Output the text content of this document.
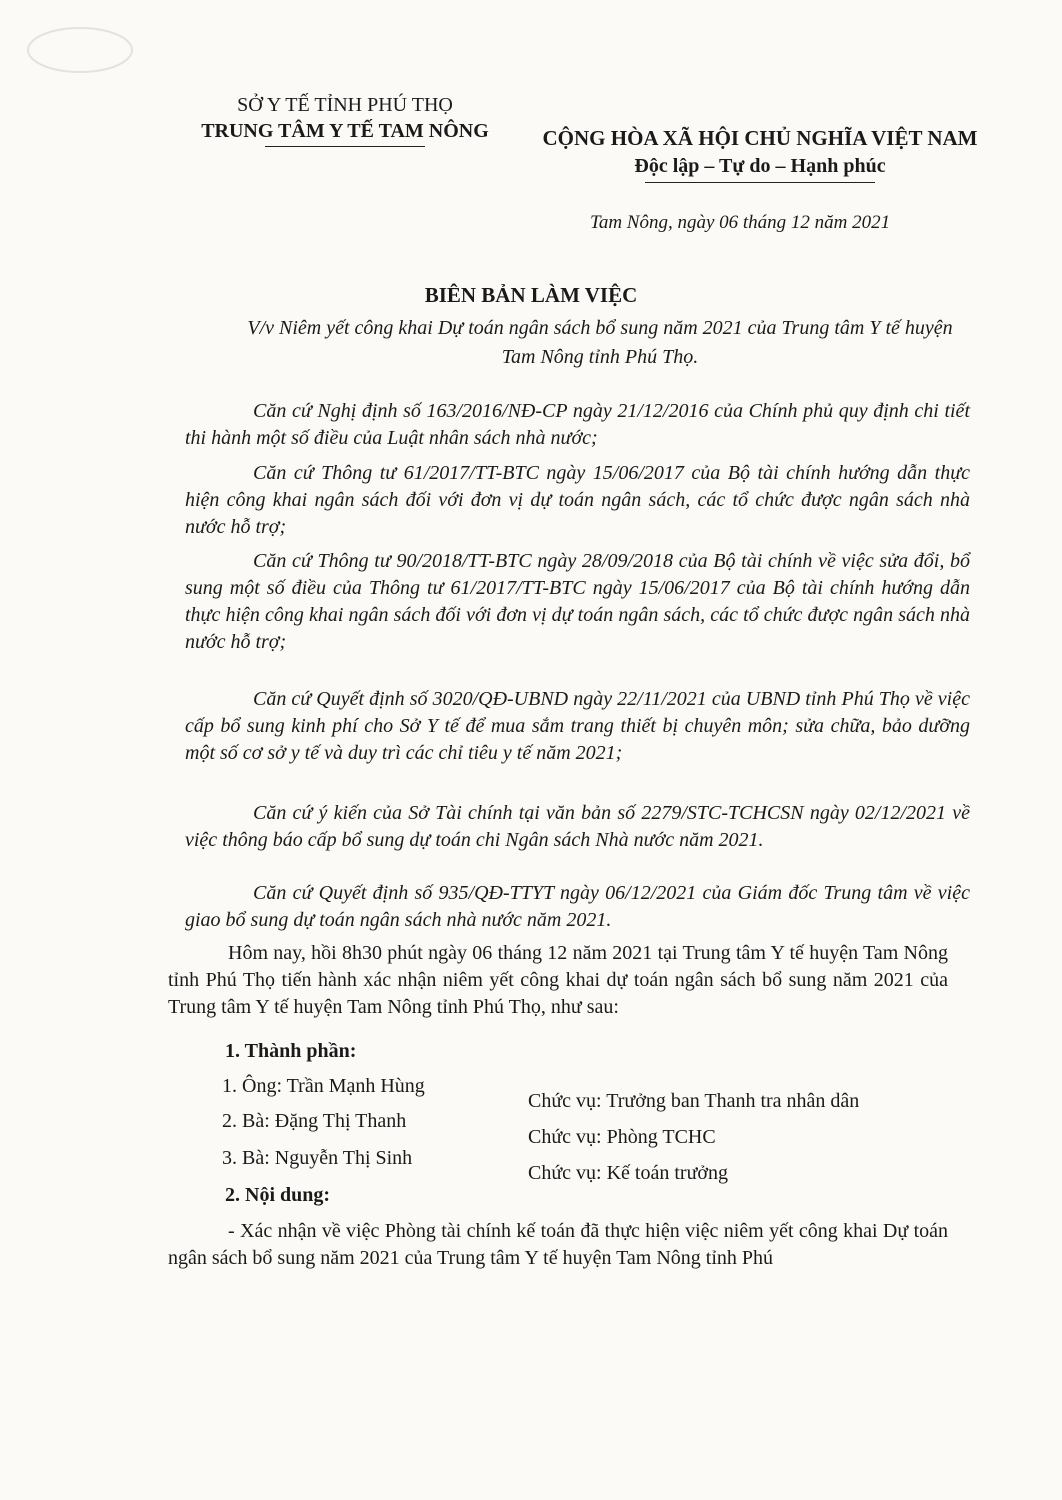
SỞ Y TẾ TỈNH PHÚ THỌ
TRUNG TÂM Y TẾ TAM NÔNG	CỘNG HÒA XÃ HỘI CHỦ NGHĨA VIỆT NAM
Độc lập – Tự do – Hạnh phúc
Tam Nông, ngày 06 tháng 12 năm 2021
BIÊN BẢN LÀM VIỆC
V/v Niêm yết công khai Dự toán ngân sách bổ sung năm 2021 của Trung tâm Y tế huyện Tam Nông tỉnh Phú Thọ.

Căn cứ Nghị định số 163/2016/NĐ-CP ngày 21/12/2016 của Chính phủ quy định chi tiết thi hành một số điều của Luật nhân sách nhà nước;

Căn cứ Thông tư 61/2017/TT-BTC ngày 15/06/2017 của Bộ tài chính hướng dẫn thực hiện công khai ngân sách đối với đơn vị dự toán ngân sách, các tổ chức được ngân sách nhà nước hỗ trợ;

Căn cứ Thông tư 90/2018/TT-BTC ngày 28/09/2018 của Bộ tài chính về việc sửa đổi, bổ sung một số điều của Thông tư 61/2017/TT-BTC ngày 15/06/2017 của Bộ tài chính hướng dẫn thực hiện công khai ngân sách đối với đơn vị dự toán ngân sách, các tổ chức được ngân sách nhà nước hỗ trợ;

Căn cứ Quyết định số 3020/QĐ-UBND ngày 22/11/2021 của UBND tỉnh Phú Thọ về việc cấp bổ sung kinh phí cho Sở Y tế để mua sắm trang thiết bị chuyên môn; sửa chữa, bảo dưỡng một số cơ sở y tế và duy trì các chỉ tiêu y tế năm 2021;

Căn cứ ý kiến của Sở Tài chính tại văn bản số 2279/STC-TCHCSN ngày 02/12/2021 về việc thông báo cấp bổ sung dự toán chi Ngân sách Nhà nước năm 2021.

Căn cứ Quyết định số 935/QĐ-TTYT ngày 06/12/2021 của Giám đốc Trung tâm về việc giao bổ sung dự toán ngân sách nhà nước năm 2021.

Hôm nay, hồi 8h30 phút ngày 06 tháng 12 năm 2021 tại Trung tâm Y tế huyện Tam Nông tỉnh Phú Thọ tiến hành xác nhận niêm yết công khai dự toán ngân sách bổ sung năm 2021 của Trung tâm Y tế huyện Tam Nông tỉnh Phú Thọ, như sau:

1. Thành phần:
1. Ông: Trần Mạnh Hùng
Chức vụ: Trưởng ban Thanh tra nhân dân
2. Bà: Đặng Thị Thanh
Chức vụ: Phòng TCHC
3. Bà: Nguyễn Thị Sinh
Chức vụ: Kế toán trưởng
2. Nội dung:

- Xác nhận về việc Phòng tài chính kế toán đã thực hiện việc niêm yết công khai Dự toán ngân sách bổ sung năm 2021 của Trung tâm Y tế huyện Tam Nông tỉnh Phú
